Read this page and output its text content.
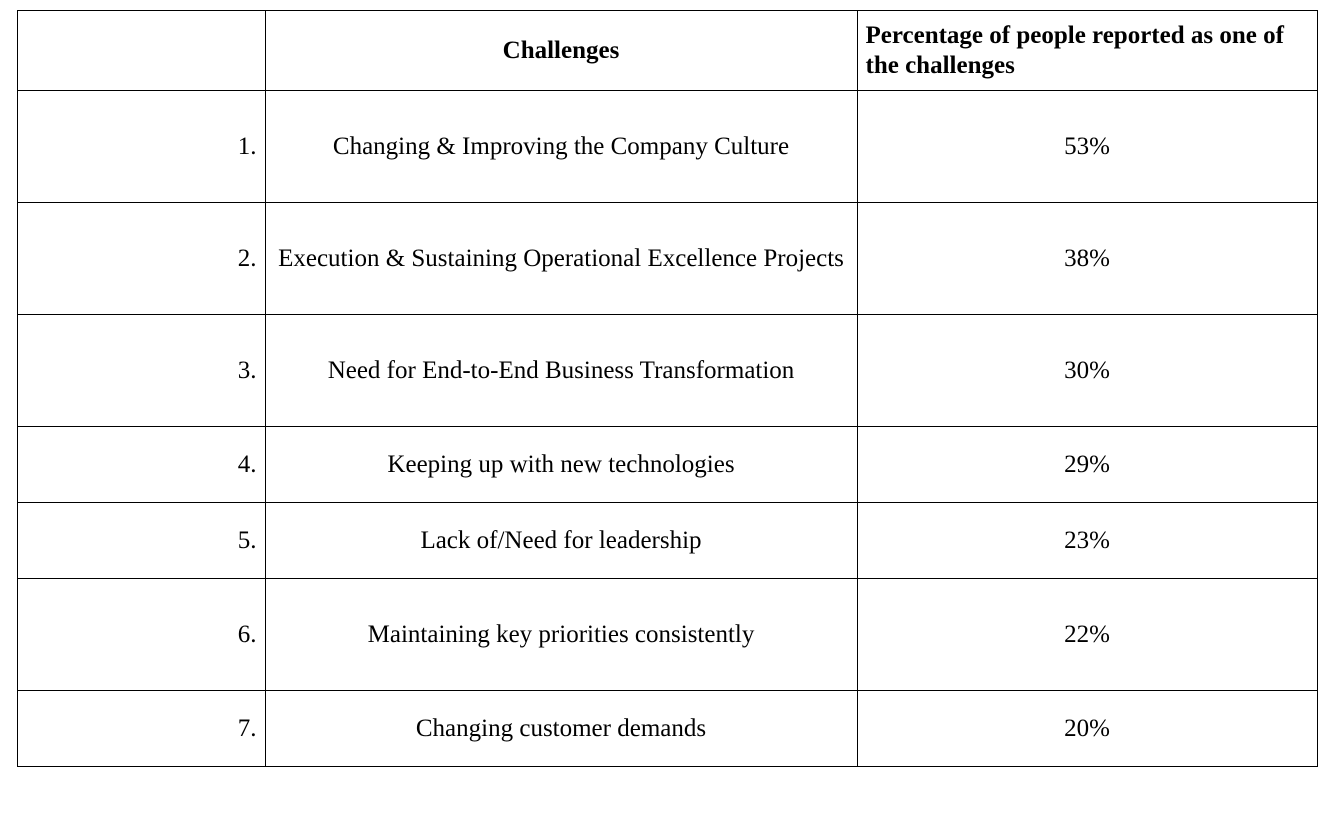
	Challenges	Percentage of people reported as one of the challenges
1.	Changing & Improving the Company Culture	53%
2.	Execution & Sustaining Operational Excellence Projects	38%
3.	Need for End-to-End Business Transformation	30%
4.	Keeping up with new technologies	29%
5.	Lack of/Need for leadership	23%
6.	Maintaining key priorities consistently	22%
7.	Changing customer demands	20%
